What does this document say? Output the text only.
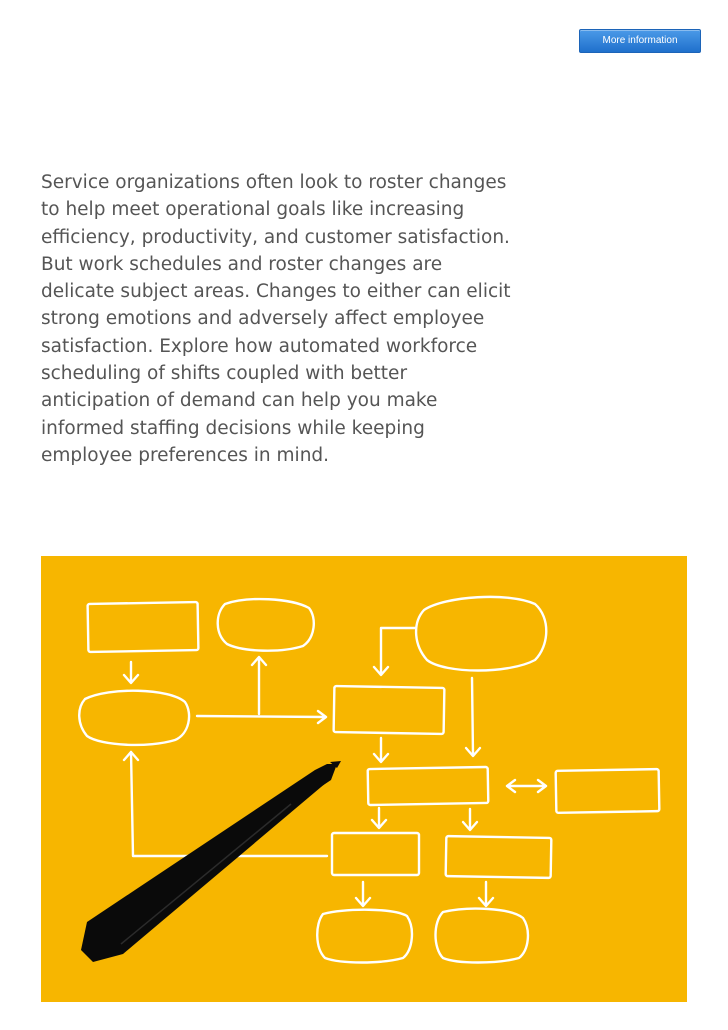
More information

Service organizations often look to roster changes to help meet operational goals like increasing efficiency, productivity, and customer satisfaction. But work schedules and roster changes are delicate subject areas. Changes to either can elicit strong emotions and adversely affect employee satisfaction. Explore how automated workforce scheduling of shifts coupled with better anticipation of demand can help you make informed staffing decisions while keeping employee preferences in mind.
